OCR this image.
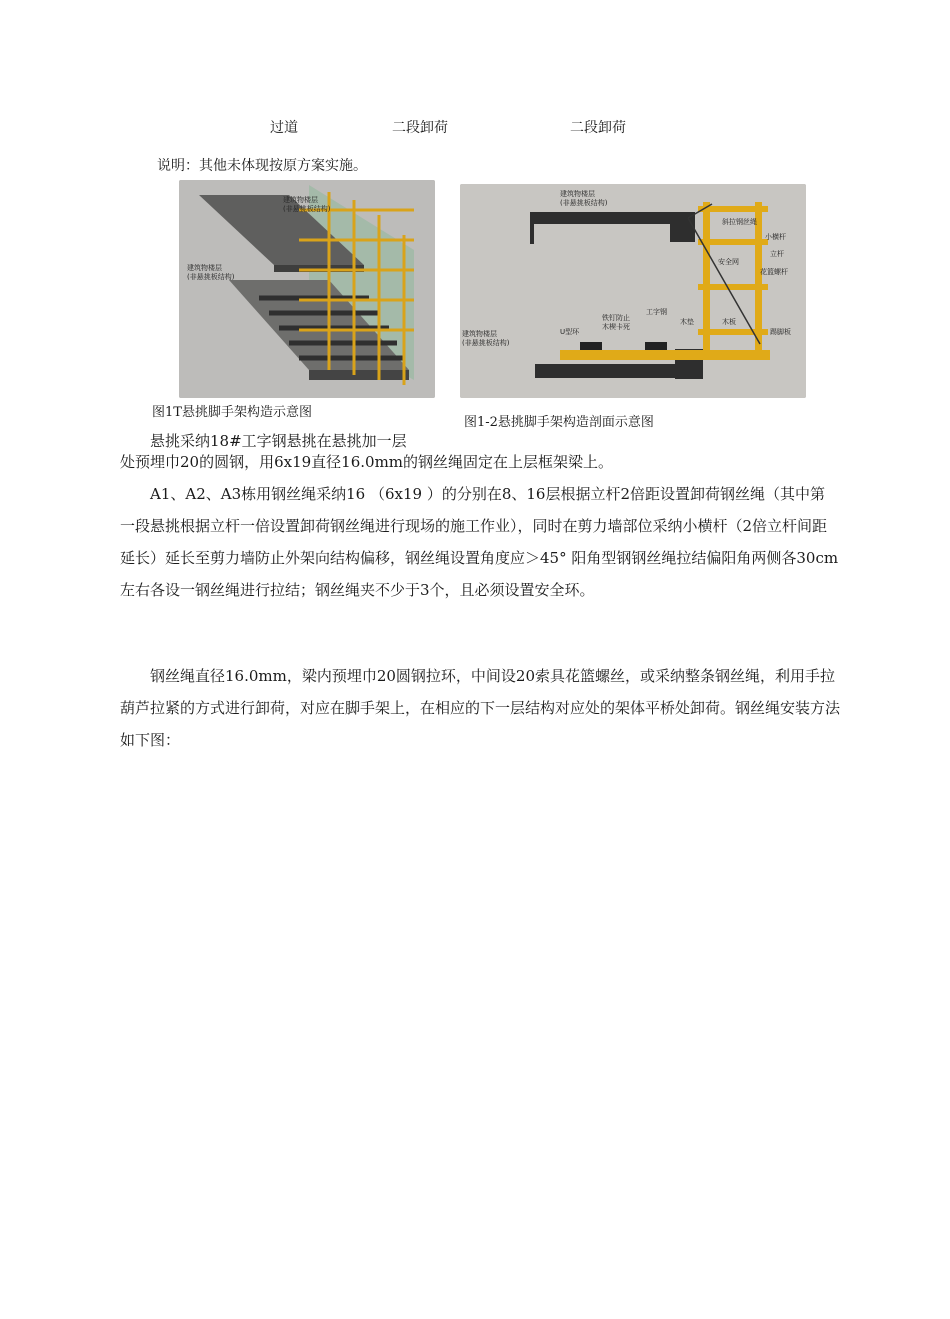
过道	二段卸荷	二段卸荷
说明：其他未体现按原方案实施。
建筑物楼层
(非悬挑板结构)
建筑物楼层
(非悬挑板结构)
建筑物楼层
(非悬挑板结构)
斜拉钢丝绳
小横杆
立杆
安全网
花篮螺杆
建筑物楼层
(非悬挑板结构)
U型环
铁钉防止
木楔卡死
工字钢
木垫	木板
踢脚板
图1T悬挑脚手架构造示意图
图1-2悬挑脚手架构造剖面示意图
悬挑采纳18#工字钢悬挑在悬挑加一层
处预埋巾20的圆钢，用6x19直径16.0mm的钢丝绳固定在上层框架梁上。
A1、A2、A3栋用钢丝绳采纳16 （6x19 ）的分别在8、16层根据立杆2倍距设置卸荷钢丝绳（其中第一段悬挑根据立杆一倍设置卸荷钢丝绳进行现场的施工作业），同时在剪力墙部位采纳小横杆（2倍立杆间距延长）延长至剪力墙防止外架向结构偏移，钢丝绳设置角度应＞45° 阳角型钢钢丝绳拉结偏阳角两侧各30cm左右各设一钢丝绳进行拉结；钢丝绳夹不少于3个，且必须设置安全环。
钢丝绳直径16.0mm，梁内预埋巾20圆钢拉环，中间设20索具花篮螺丝，或采纳整条钢丝绳，利用手拉葫芦拉紧的方式进行卸荷，对应在脚手架上，在相应的下一层结构对应处的架体平桥处卸荷。钢丝绳安装方法如下图：
